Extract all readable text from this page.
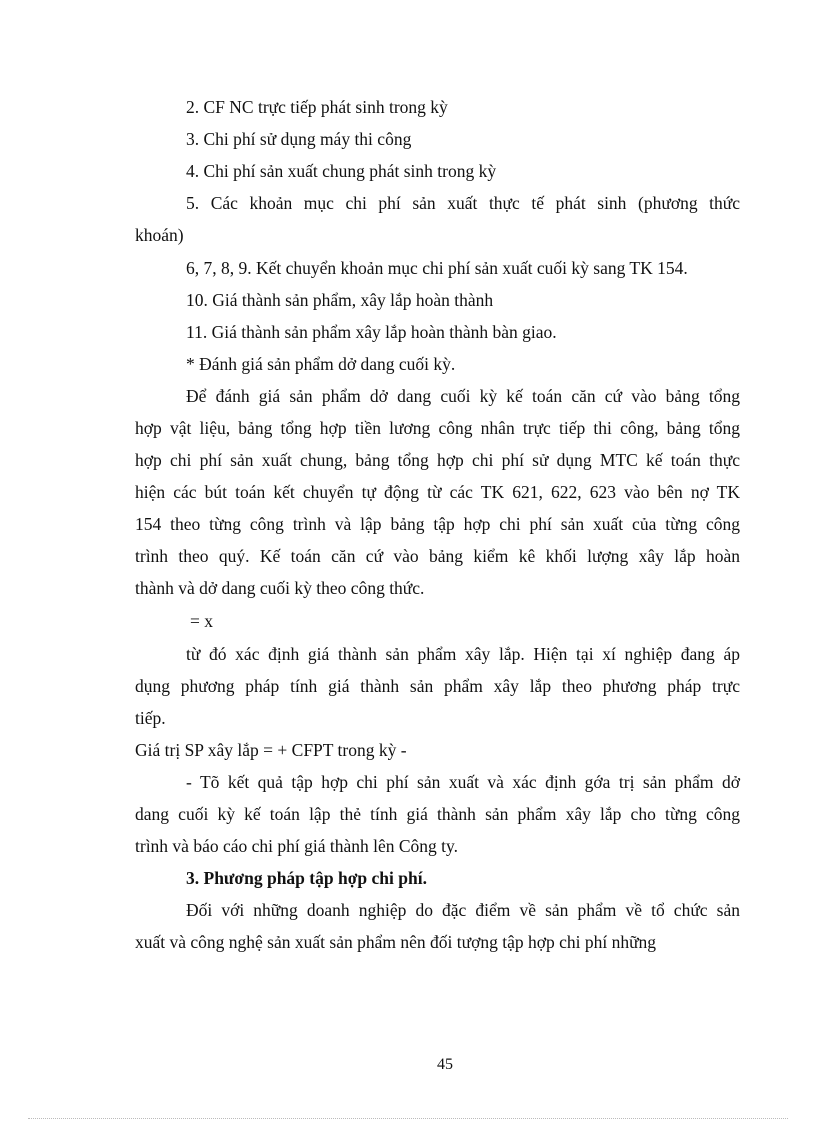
2. CF NC trực tiếp phát sinh trong kỳ
3. Chi phí sử dụng máy thi công
4. Chi phí sản xuất chung phát sinh trong kỳ
5. Các khoản mục chi phí sản xuất thực tế phát sinh (phương thức
khoán)
6, 7, 8, 9. Kết chuyển khoản mục chi phí sản xuất cuối kỳ sang TK 154.
10. Giá thành sản phẩm, xây lắp hoàn thành
11. Giá thành sản phẩm xây lắp hoàn thành bàn giao.
* Đánh giá sản phẩm dở dang cuối kỳ.
Để đánh giá sản phẩm dở dang cuối kỳ kế toán căn cứ vào bảng tổng
hợp vật liệu, bảng tổng hợp tiền lương công nhân trực tiếp thi công, bảng tổng
hợp chi phí sản xuất chung, bảng tổng hợp chi phí sử dụng MTC kế toán thực
hiện các bút toán kết chuyển tự động từ các TK 621, 622, 623 vào bên nợ TK
154 theo từng công trình và lập bảng tập hợp chi phí sản xuất của từng công
trình theo quý. Kế toán căn cứ vào bảng kiểm kê khối lượng xây lắp hoàn
thành và dở dang cuối kỳ theo công thức.
= x
từ đó xác định giá thành sản phẩm xây lắp. Hiện tại xí nghiệp đang áp
dụng phương pháp tính giá thành sản phẩm xây lắp theo phương pháp trực
tiếp.
Giá trị SP xây lắp = + CFPT trong kỳ -
- Tõ kết quả tập hợp chi phí sản xuất và xác định gớa trị sản phẩm dở
dang cuối kỳ kế toán lập thẻ tính giá thành sản phẩm xây lắp cho từng công
trình và báo cáo chi phí giá thành lên Công ty.
3. Phương pháp tập hợp chi phí.
Đối với những doanh nghiệp do đặc điểm về sản phẩm về tổ chức sản
xuất và công nghệ sản xuất sản phẩm nên đối tượng tập hợp chi phí những
45
